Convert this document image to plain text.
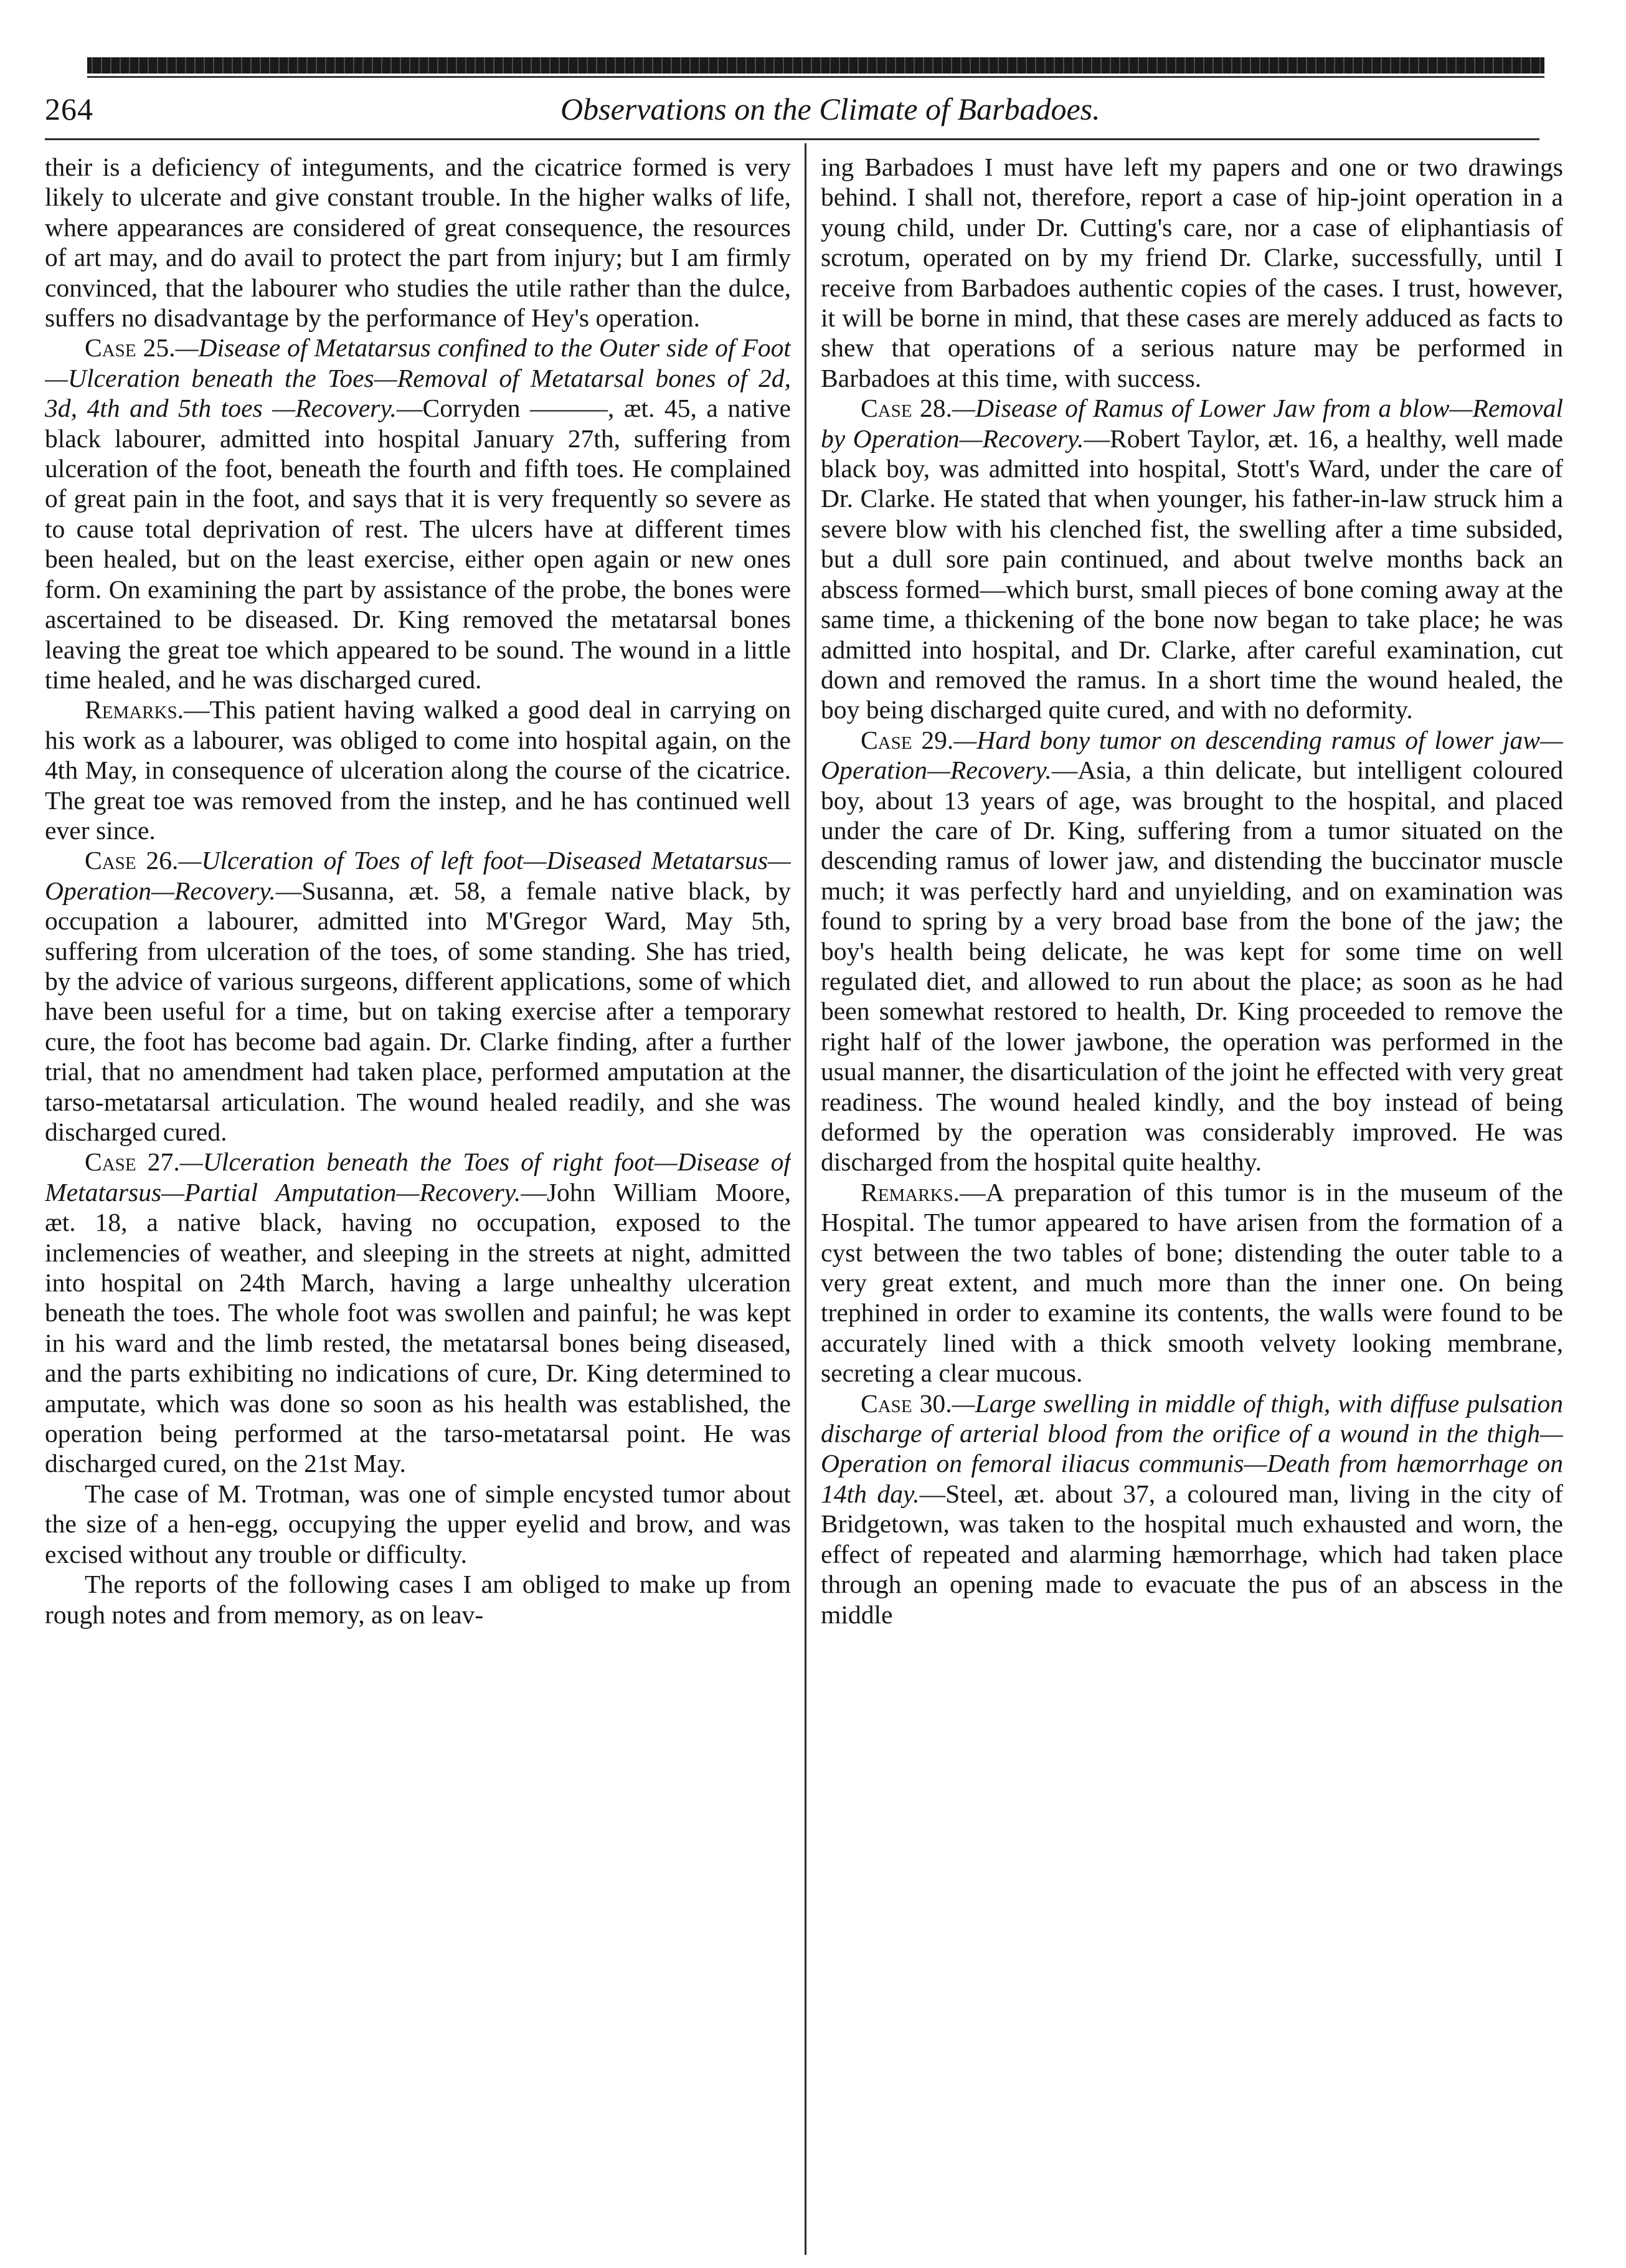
264	Observations on the Climate of Barbadoes.

their is a deficiency of integuments, and the cicatrice formed is very likely to ulcerate and give constant trouble. In the higher walks of life, where appearances are considered of great consequence, the resources of art may, and do avail to protect the part from injury; but I am firmly convinced, that the labourer who studies the utile rather than the dulce, suffers no disadvantage by the performance of Hey's operation.

Case 25.—Disease of Metatarsus confined to the Outer side of Foot—Ulceration beneath the Toes—Removal of Metatarsal bones of 2d, 3d, 4th and 5th toes —Recovery.—Corryden ———, æt. 45, a native black labourer, admitted into hospital January 27th, suffering from ulceration of the foot, beneath the fourth and fifth toes. He complained of great pain in the foot, and says that it is very frequently so severe as to cause total deprivation of rest. The ulcers have at different times been healed, but on the least exercise, either open again or new ones form. On examining the part by assistance of the probe, the bones were ascertained to be diseased. Dr. King removed the metatarsal bones leaving the great toe which appeared to be sound. The wound in a little time healed, and he was discharged cured.

Remarks.—This patient having walked a good deal in carrying on his work as a labourer, was obliged to come into hospital again, on the 4th May, in consequence of ulceration along the course of the cicatrice. The great toe was removed from the instep, and he has continued well ever since.

Case 26.—Ulceration of Toes of left foot—Diseased Metatarsus—Operation—Recovery.—Susanna, æt. 58, a female native black, by occupation a labourer, admitted into M'Gregor Ward, May 5th, suffering from ulceration of the toes, of some standing. She has tried, by the advice of various surgeons, different applications, some of which have been useful for a time, but on taking exercise after a temporary cure, the foot has become bad again. Dr. Clarke finding, after a further trial, that no amendment had taken place, performed amputation at the tarso-metatarsal articulation. The wound healed readily, and she was discharged cured.

Case 27.—Ulceration beneath the Toes of right foot—Disease of Metatarsus—Partial Amputation—Recovery.—John William Moore, æt. 18, a native black, having no occupation, exposed to the inclemencies of weather, and sleeping in the streets at night, admitted into hospital on 24th March, having a large unhealthy ulceration beneath the toes. The whole foot was swollen and painful; he was kept in his ward and the limb rested, the metatarsal bones being diseased, and the parts exhibiting no indications of cure, Dr. King determined to amputate, which was done so soon as his health was established, the operation being performed at the tarso-metatarsal point. He was discharged cured, on the 21st May.

The case of M. Trotman, was one of simple encysted tumor about the size of a hen-egg, occupying the upper eyelid and brow, and was excised without any trouble or difficulty.

The reports of the following cases I am obliged to make up from rough notes and from memory, as on leav-

ing Barbadoes I must have left my papers and one or two drawings behind. I shall not, therefore, report a case of hip-joint operation in a young child, under Dr. Cutting's care, nor a case of eliphantiasis of scrotum, operated on by my friend Dr. Clarke, successfully, until I receive from Barbadoes authentic copies of the cases. I trust, however, it will be borne in mind, that these cases are merely adduced as facts to shew that operations of a serious nature may be performed in Barbadoes at this time, with success.

Case 28.—Disease of Ramus of Lower Jaw from a blow—Removal by Operation—Recovery.—Robert Taylor, æt. 16, a healthy, well made black boy, was admitted into hospital, Stott's Ward, under the care of Dr. Clarke. He stated that when younger, his father-in-law struck him a severe blow with his clenched fist, the swelling after a time subsided, but a dull sore pain continued, and about twelve months back an abscess formed—which burst, small pieces of bone coming away at the same time, a thickening of the bone now began to take place; he was admitted into hospital, and Dr. Clarke, after careful examination, cut down and removed the ramus. In a short time the wound healed, the boy being discharged quite cured, and with no deformity.

Case 29.—Hard bony tumor on descending ramus of lower jaw—Operation—Recovery.—Asia, a thin delicate, but intelligent coloured boy, about 13 years of age, was brought to the hospital, and placed under the care of Dr. King, suffering from a tumor situated on the descending ramus of lower jaw, and distending the buccinator muscle much; it was perfectly hard and unyielding, and on examination was found to spring by a very broad base from the bone of the jaw; the boy's health being delicate, he was kept for some time on well regulated diet, and allowed to run about the place; as soon as he had been somewhat restored to health, Dr. King proceeded to remove the right half of the lower jawbone, the operation was performed in the usual manner, the disarticulation of the joint he effected with very great readiness. The wound healed kindly, and the boy instead of being deformed by the operation was considerably improved. He was discharged from the hospital quite healthy.

Remarks.—A preparation of this tumor is in the museum of the Hospital. The tumor appeared to have arisen from the formation of a cyst between the two tables of bone; distending the outer table to a very great extent, and much more than the inner one. On being trephined in order to examine its contents, the walls were found to be accurately lined with a thick smooth velvety looking membrane, secreting a clear mucous.

Case 30.—Large swelling in middle of thigh, with diffuse pulsation discharge of arterial blood from the orifice of a wound in the thigh—Operation on femoral iliacus communis—Death from hæmorrhage on 14th day.—Steel, æt. about 37, a coloured man, living in the city of Bridgetown, was taken to the hospital much exhausted and worn, the effect of repeated and alarming hæmorrhage, which had taken place through an opening made to evacuate the pus of an abscess in the middle
